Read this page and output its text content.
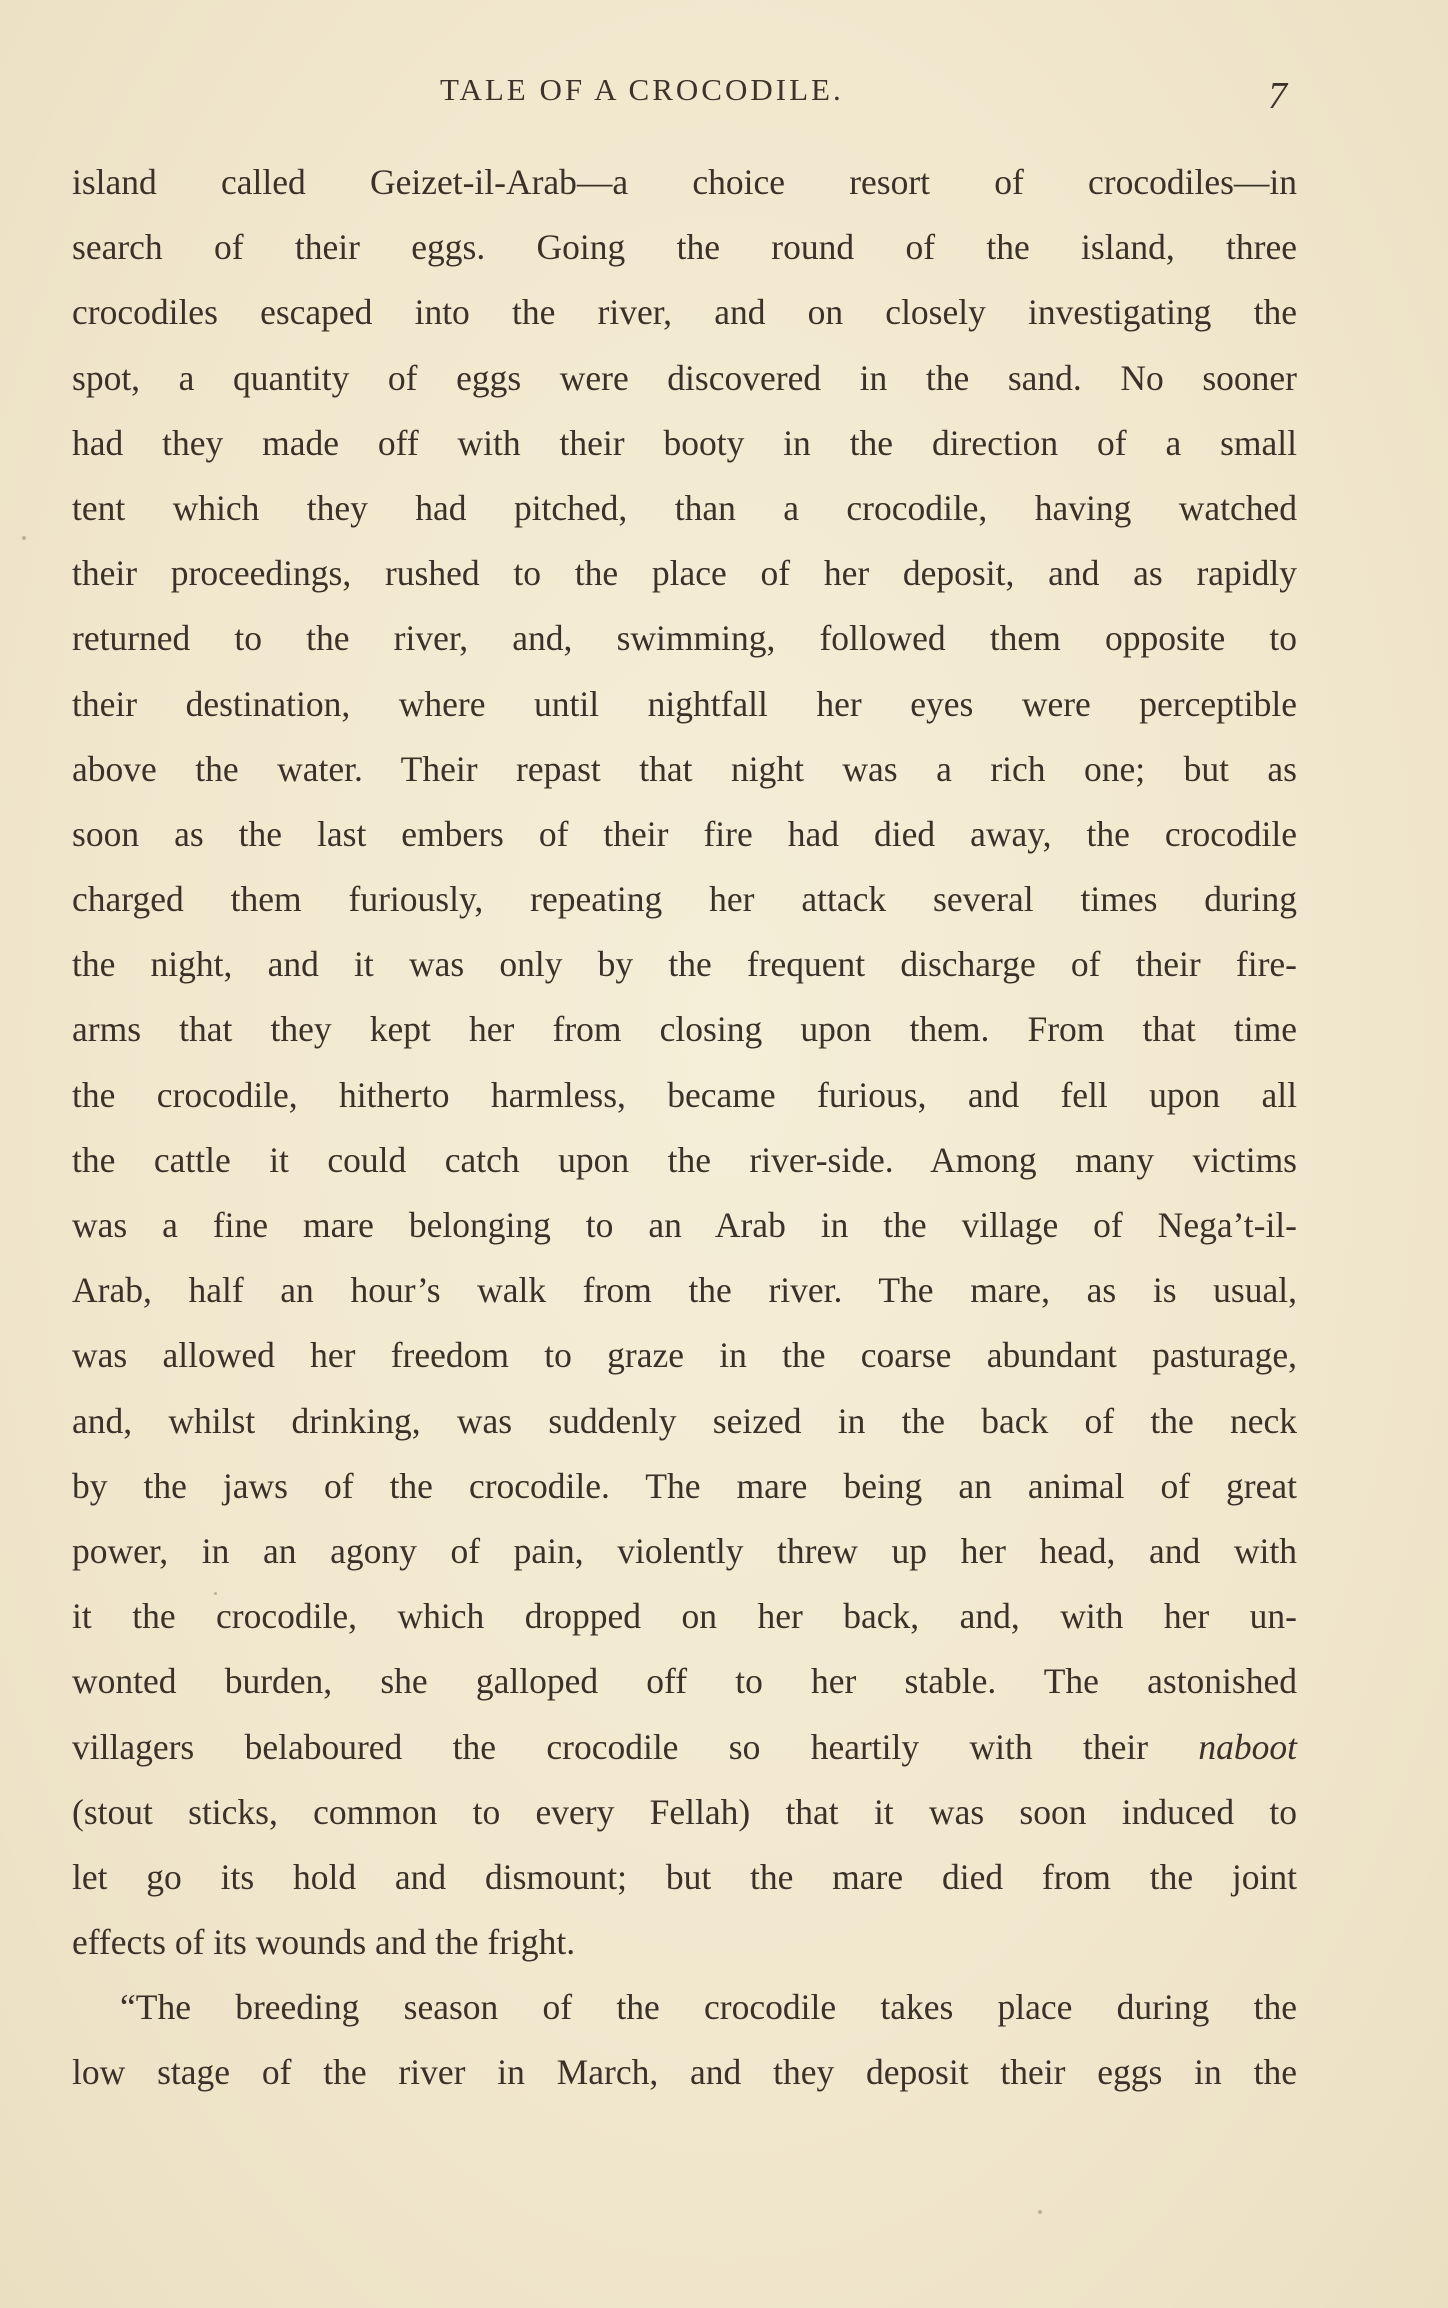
TALE OF A CROCODILE.	7
island called Geizet-il-Arab—a choice resort of crocodiles—in
search of their eggs. Going the round of the island, three
crocodiles escaped into the river, and on closely investigating the
spot, a quantity of eggs were discovered in the sand. No sooner
had they made off with their booty in the direction of a small
tent which they had pitched, than a crocodile, having watched
their proceedings, rushed to the place of her deposit, and as rapidly
returned to the river, and, swimming, followed them opposite to
their destination, where until nightfall her eyes were perceptible
above the water. Their repast that night was a rich one; but as
soon as the last embers of their fire had died away, the crocodile
charged them furiously, repeating her attack several times during
the night, and it was only by the frequent discharge of their fire-
arms that they kept her from closing upon them. From that time
the crocodile, hitherto harmless, became furious, and fell upon all
the cattle it could catch upon the river-side. Among many victims
was a fine mare belonging to an Arab in the village of Nega’t-il-
Arab, half an hour’s walk from the river. The mare, as is usual,
was allowed her freedom to graze in the coarse abundant pasturage,
and, whilst drinking, was suddenly seized in the back of the neck
by the jaws of the crocodile. The mare being an animal of great
power, in an agony of pain, violently threw up her head, and with
it the crocodile, which dropped on her back, and, with her un-
wonted burden, she galloped off to her stable. The astonished
villagers belaboured the crocodile so heartily with their naboot
(stout sticks, common to every Fellah) that it was soon induced to
let go its hold and dismount; but the mare died from the joint
effects of its wounds and the fright.
“The breeding season of the crocodile takes place during the
low stage of the river in March, and they deposit their eggs in the
